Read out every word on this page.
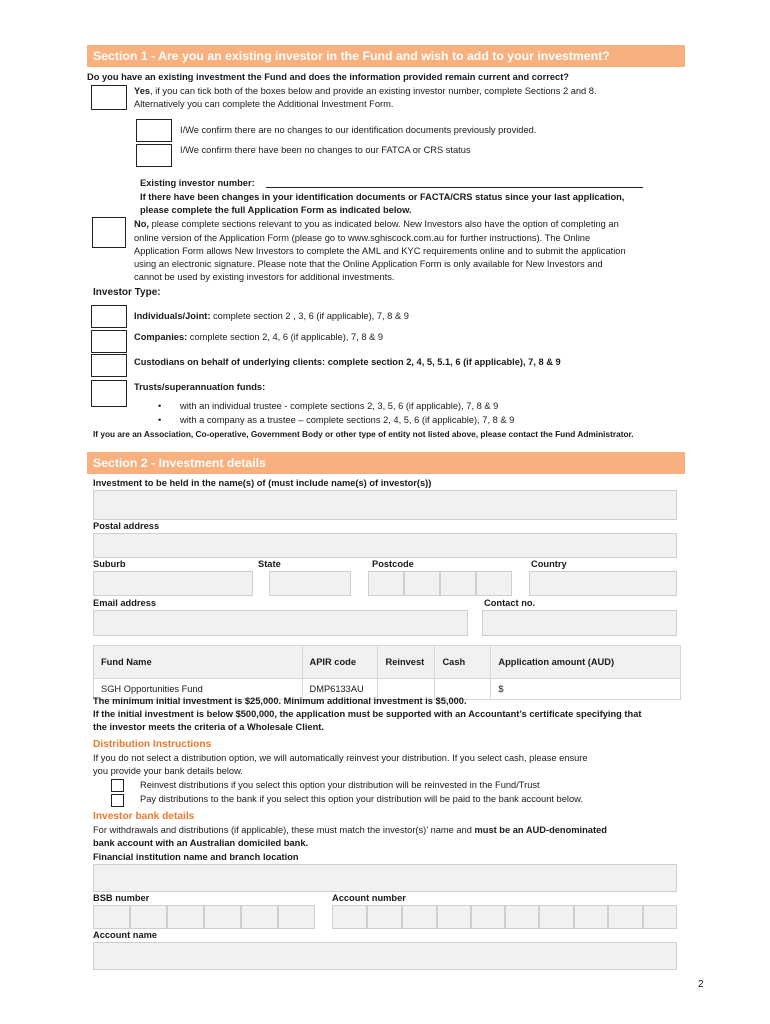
Section 1 - Are you an existing investor in the Fund and wish to add to your investment?
Do you have an existing investment the Fund and does the information provided remain current and correct?
Yes, if you can tick both of the boxes below and provide an existing investor number, complete Sections 2 and 8.
Alternatively you can complete the Additional Investment Form.
I/We confirm there are no changes to our identification documents previously provided.
I/We confirm there have been no changes to our FATCA or CRS status
Existing investor number:
If there have been changes in your identification documents or FACTA/CRS status since your last application,
please complete the full Application Form as indicated below.
No, please complete sections relevant to you as indicated below. New Investors also have the option of completing an
online version of the Application Form (please go to www.sghiscock.com.au for further instructions). The Online
Application Form allows New Investors to complete the AML and KYC requirements online and to submit the application
using an electronic signature. Please note that the Online Application Form is only available for New Investors and
cannot be used by existing investors for additional investments.
Investor Type:
Individuals/Joint: complete section 2 , 3, 6 (if applicable), 7, 8 & 9
Companies: complete section 2, 4, 6 (if applicable), 7, 8 & 9
Custodians on behalf of underlying clients: complete section 2, 4, 5, 5.1, 6 (if applicable), 7, 8 & 9
Trusts/superannuation funds:
• with an individual trustee - complete sections 2, 3, 5, 6 (if applicable), 7, 8 & 9
• with a company as a trustee – complete sections 2, 4, 5, 6 (if applicable), 7, 8 & 9
If you are an Association, Co-operative, Government Body or other type of entity not listed above, please contact the Fund Administrator.
Section 2 - Investment details
Investment to be held in the name(s) of (must include name(s) of investor(s))
Postal address
Suburb	State	Postcode	Country
Email address	Contact no.
Fund Name	APIR code	Reinvest	Cash	Application amount (AUD)
SGH Opportunities Fund	DMP6133AU			$
The minimum initial investment is $25,000. Minimum additional investment is $5,000.
If the initial investment is below $500,000, the application must be supported with an Accountant’s certificate specifying that
the investor meets the criteria of a Wholesale Client.
Distribution Instructions
If you do not select a distribution option, we will automatically reinvest your distribution. If you select cash, please ensure
you provide your bank details below.
Reinvest distributions if you select this option your distribution will be reinvested in the Fund/Trust
Pay distributions to the bank if you select this option your distribution will be paid to the bank account below.
Investor bank details
For withdrawals and distributions (if applicable), these must match the investor(s)’ name and must be an AUD-denominated
bank account with an Australian domiciled bank.
Financial institution name and branch location
BSB number	Account number
Account name
2
